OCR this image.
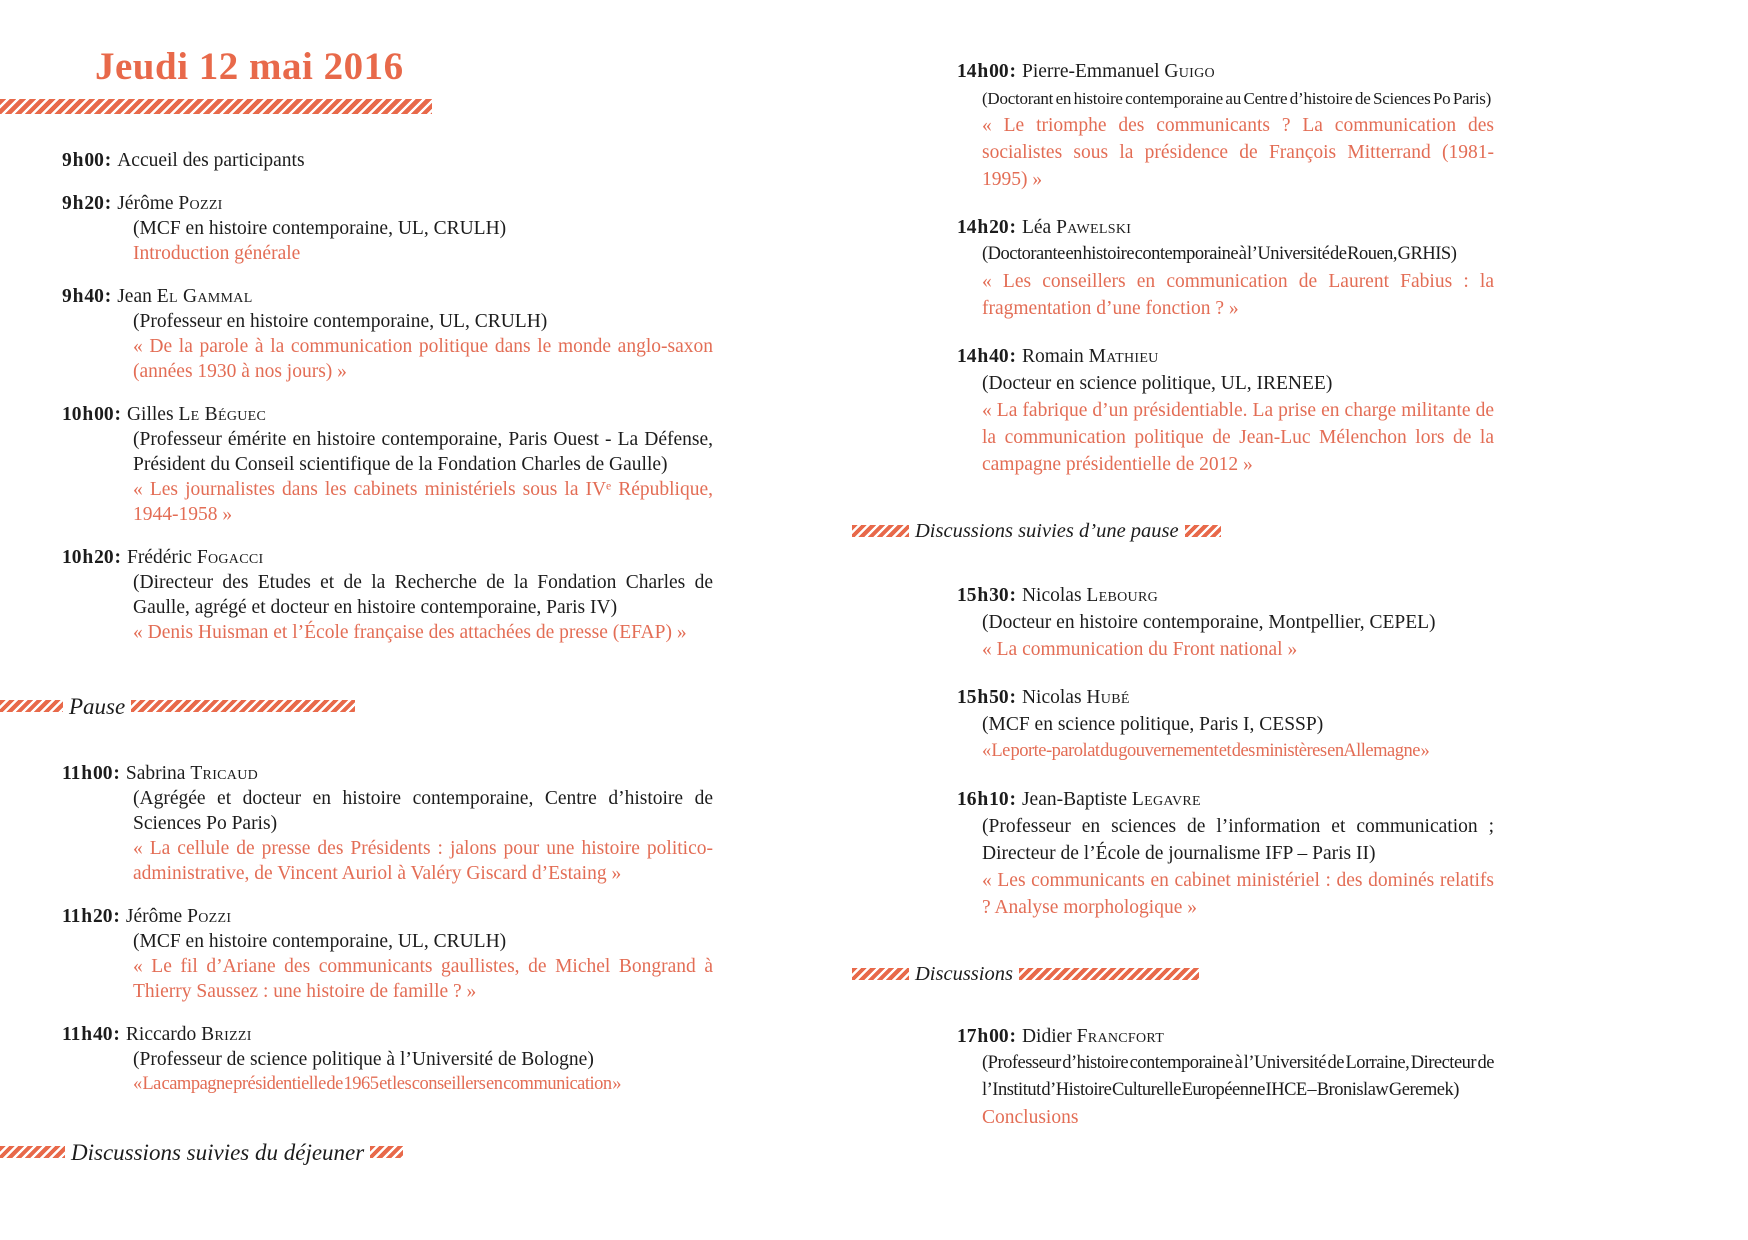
Jeudi 12 mai 2016
9 h 00 : Accueil des participants
9 h 20 : Jérôme Pozzi
(MCF en histoire contemporaine, UL, CRULH)
Introduction générale
9 h 40 : Jean El Gammal
(Professeur en histoire contemporaine, UL, CRULH)
« De la parole à la communication politique dans le monde anglo-saxon (années 1930 à nos jours) »
10 h 00 : Gilles Le Béguec
(Professeur émérite en histoire contemporaine, Paris Ouest - La Défense, Président du Conseil scientifique de la Fondation Charles de Gaulle)
« Les journalistes dans les cabinets ministériels sous la IVᵉ République, 1944-1958 »
10 h 20 : Frédéric Fogacci
(Directeur des Etudes et de la Recherche de la Fondation Charles de Gaulle, agrégé et docteur en histoire contemporaine, Paris IV)
« Denis Huisman et l’École française des attachées de presse (EFAP) »
Pause
11 h 00 : Sabrina Tricaud
(Agrégée et docteur en histoire contemporaine, Centre d’histoire de Sciences Po Paris)
« La cellule de presse des Présidents : jalons pour une histoire politico-administrative, de Vincent Auriol à Valéry Giscard d’Estaing »
11 h 20 : Jérôme Pozzi
(MCF en histoire contemporaine, UL, CRULH)
« Le fil d’Ariane des communicants gaullistes, de Michel Bongrand à Thierry Saussez : une histoire de famille ? »
11 h 40 : Riccardo Brizzi
(Professeur de science politique à l’Université de Bologne)
« La campagne présidentielle de 1965 et les conseillers en communication »
Discussions suivies du déjeuner
14 h 00 : Pierre-Emmanuel Guigo
(Doctorant en histoire contemporaine au Centre d’histoire de Sciences Po Paris)
« Le triomphe des communicants ? La communication des socialistes sous la présidence de François Mitterrand (1981-1995) »
14 h 20 : Léa Pawelski
(Doctorante en histoire contemporaine à l’Université de Rouen, GRHIS)
« Les conseillers en communication de Laurent Fabius : la fragmentation d’une fonction ? »
14 h 40 : Romain Mathieu
(Docteur en science politique, UL, IRENEE)
« La fabrique d’un présidentiable. La prise en charge militante de la communication politique de Jean-Luc Mélenchon lors de la campagne présidentielle de 2012 »
Discussions suivies d’une pause
15 h 30 : Nicolas Lebourg
(Docteur en histoire contemporaine, Montpellier, CEPEL)
« La communication du Front national »
15 h 50 : Nicolas Hubé
(MCF en science politique, Paris I, CESSP)
« Le porte-parolat du gouvernement et des ministères en Allemagne »
16 h 10 : Jean-Baptiste Legavre
(Professeur en sciences de l’information et communication ; Directeur de l’École de journalisme IFP – Paris II)
« Les communicants en cabinet ministériel : des dominés relatifs ? Analyse morphologique »
Discussions
17 h 00 : Didier Francfort
(Professeur d’histoire contemporaine à l’Université de Lorraine, Directeur de l’Institut d’Histoire Culturelle Européenne IHCE – Bronislaw Geremek)
Conclusions
